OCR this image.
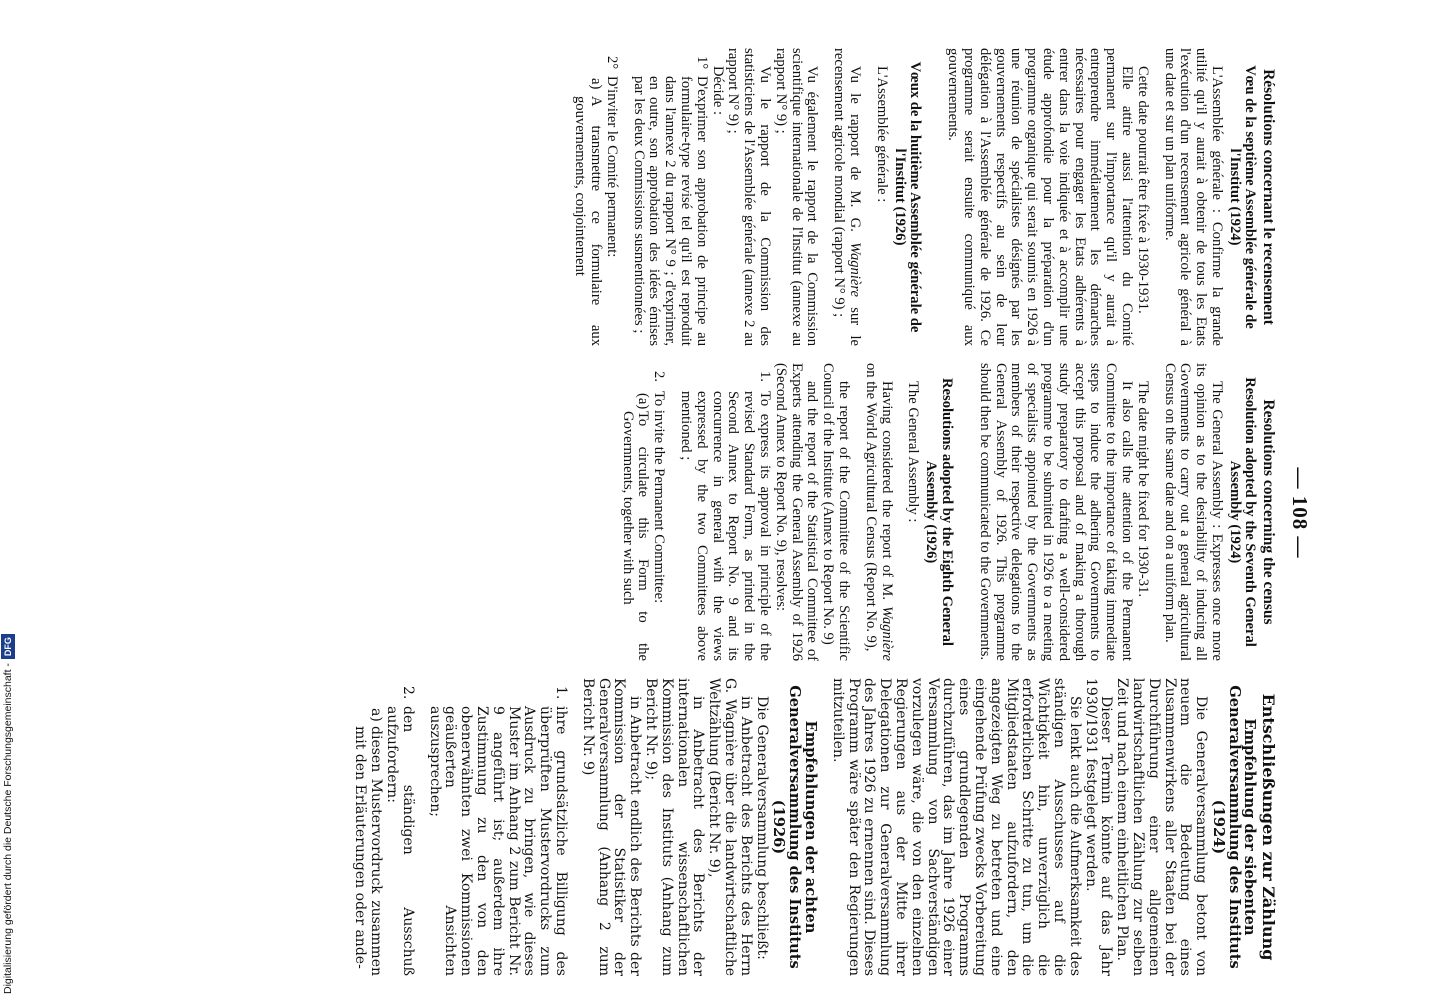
— 108 —
Résolutions concernant le recensement
Vœu de la septième Assemblée générale de l'Institut (1924)

L'Assemblée générale : Confirme la grande utilité qu'il y aurait à obtenir de tous les Etats l'exécution d'un recensement agricole général à une date et sur un plan uniforme.

Cette date pourrait être fixée à 1930-1931.

Elle attire aussi l'attention du Comité permanent sur l'importance qu'il y aurait à entreprendre immédiatement les démarches nécessaires pour engager les Etats adhérents à entrer dans la voie indiquée et à accomplir une étude approfondie pour la préparation d'un programme organique qui serait soumis en 1926 à une réunion de spécialistes désignés par les gouvernements respectifs au sein de leur délégation à l'Assemblée générale de 1926. Ce programme serait ensuite communiqué aux gouvernements.

Vœux de la huitième Assemblée générale de l'Institut (1926)

L'Assemblée générale :

Vu le rapport de M. G. Wagnière sur le recensement agricole mondial (rapport N° 9) ;

Vu également le rapport de la Commission scientifique internationale de l'Institut (annexe au rapport N° 9) ;

Vu le rapport de la Commission des statisticiens de l'Assemblée générale (annexe 2 au rapport N° 9) ;

Décide :

1°
D'exprimer son approbation de principe au formulaire-type revisé tel qu'il est reproduit dans l'annexe 2 du rapport N° 9 ; d'exprimer, en outre, son approbation des idées émises par les deux Commissions susmentionnées ;

2°
D'inviter le Comité permanent:

a)
A transmettre ce formulaire aux gouvernements, conjointement

Resolutions concerning the census
Resolution adopted by the Seventh General Assembly (1924)

The General Assembly : Expresses once more its opinion as to the desirability of inducing all Governments to carry out a general agricultural Census on the same date and on a uniform plan.

The date might be fixed for 1930-31.

It also calls the attention of the Permanent Committee to the importance of taking immediate steps to induce the adhering Governments to accept this proposal and of making a thorough study preparatory to drafting a well-considered programme to be submitted in 1926 to a meeting of specialists appointed by the Governments as members of their respective delegations to the General Assembly of 1926. This programme should then be communicated to the Governments.

Resolutions adopted by the Eighth General Assembly (1926)

The General Assembly :

Having considered the report of M. Wagnière on the World Agricultural Census (Report No. 9),

the report of the Committee of the Scientific Council of the Institute (Annex to Report No. 9)

and the report of the Statistical Committee of Experts attending the General Assembly of 1926 (Second Annex to Report No. 9), resolves:

1.
To express its approval in principle of the revised Standard Form, as printed in the Second Annex to Report No. 9 and its concurrence in general with the views expressed by the two Committees above mentioned ;

2.
To invite the Permanent Committee:

(a)
To circulate this Form to the Governments, together with such

Entschließungen zur Zählung
Empfehlung der siebenten Generalversammlung des Instituts (1924)

Die Generalversammlung betont von neuem die Bedeutung eines Zusammenwirkens aller Staaten bei der Durchführung einer allgemeinen landwirtschaftlichen Zählung zur selben Zeit und nach einem einheitlichen Plan.

Dieser Termin könnte auf das Jahr 1930/1931 festgelegt werden.

Sie lenkt auch die Aufmerksamkeit des ständigen Ausschusses auf die Wichtigkeit hin, unverzüglich die erforderlichen Schritte zu tun, um die Mitgliedstaaten aufzufordern, den angezeigten Weg zu betreten und eine eingehende Prüfung zwecks Vorbereitung eines grundlegenden Programms durchzuführen, das im Jahre 1926 einer Versammlung von Sachverständigen vorzulegen wäre, die von den einzelnen Regierungen aus der Mitte ihrer Delegationen zur Generalversammlung des Jahres 1926 zu ernennen sind. Dieses Programm wäre später den Regierungen mitzuteilen.

Empfehlungen der achten Generalversammlung des Instituts (1926)

Die Generalversammlung beschließt:

in Anbetracht des Berichts des Herrn G. Wagnière über die landwirtschaftliche Weltzählung (Bericht Nr. 9),

in Anbetracht des Berichts der internationalen wissenschaftlichen Kommission des Instituts (Anhang zum Bericht Nr. 9);

in Anbetracht endlich des Berichts der Kommission der Statistiker der Generalversammlung (Anhang 2 zum Bericht Nr. 9)

1.
ihre grundsätzliche Billigung des überprüften Mustervordrucks zum Ausdruck zu bringen, wie dieses Muster im Anhang 2 zum Bericht Nr. 9 angeführt ist; außerdem ihre Zustimmung zu den von den obenerwähnten zwei Kommissionen geäußerten Ansichten auszusprechen;

2.
den ständigen Ausschuß aufzufordern:

a)
diesen Mustervordruck zusammen mit den Erläuterungen oder ande-

Digitalisierung gefördert durch die Deutsche Forschungsgemeinschaft -DFG
